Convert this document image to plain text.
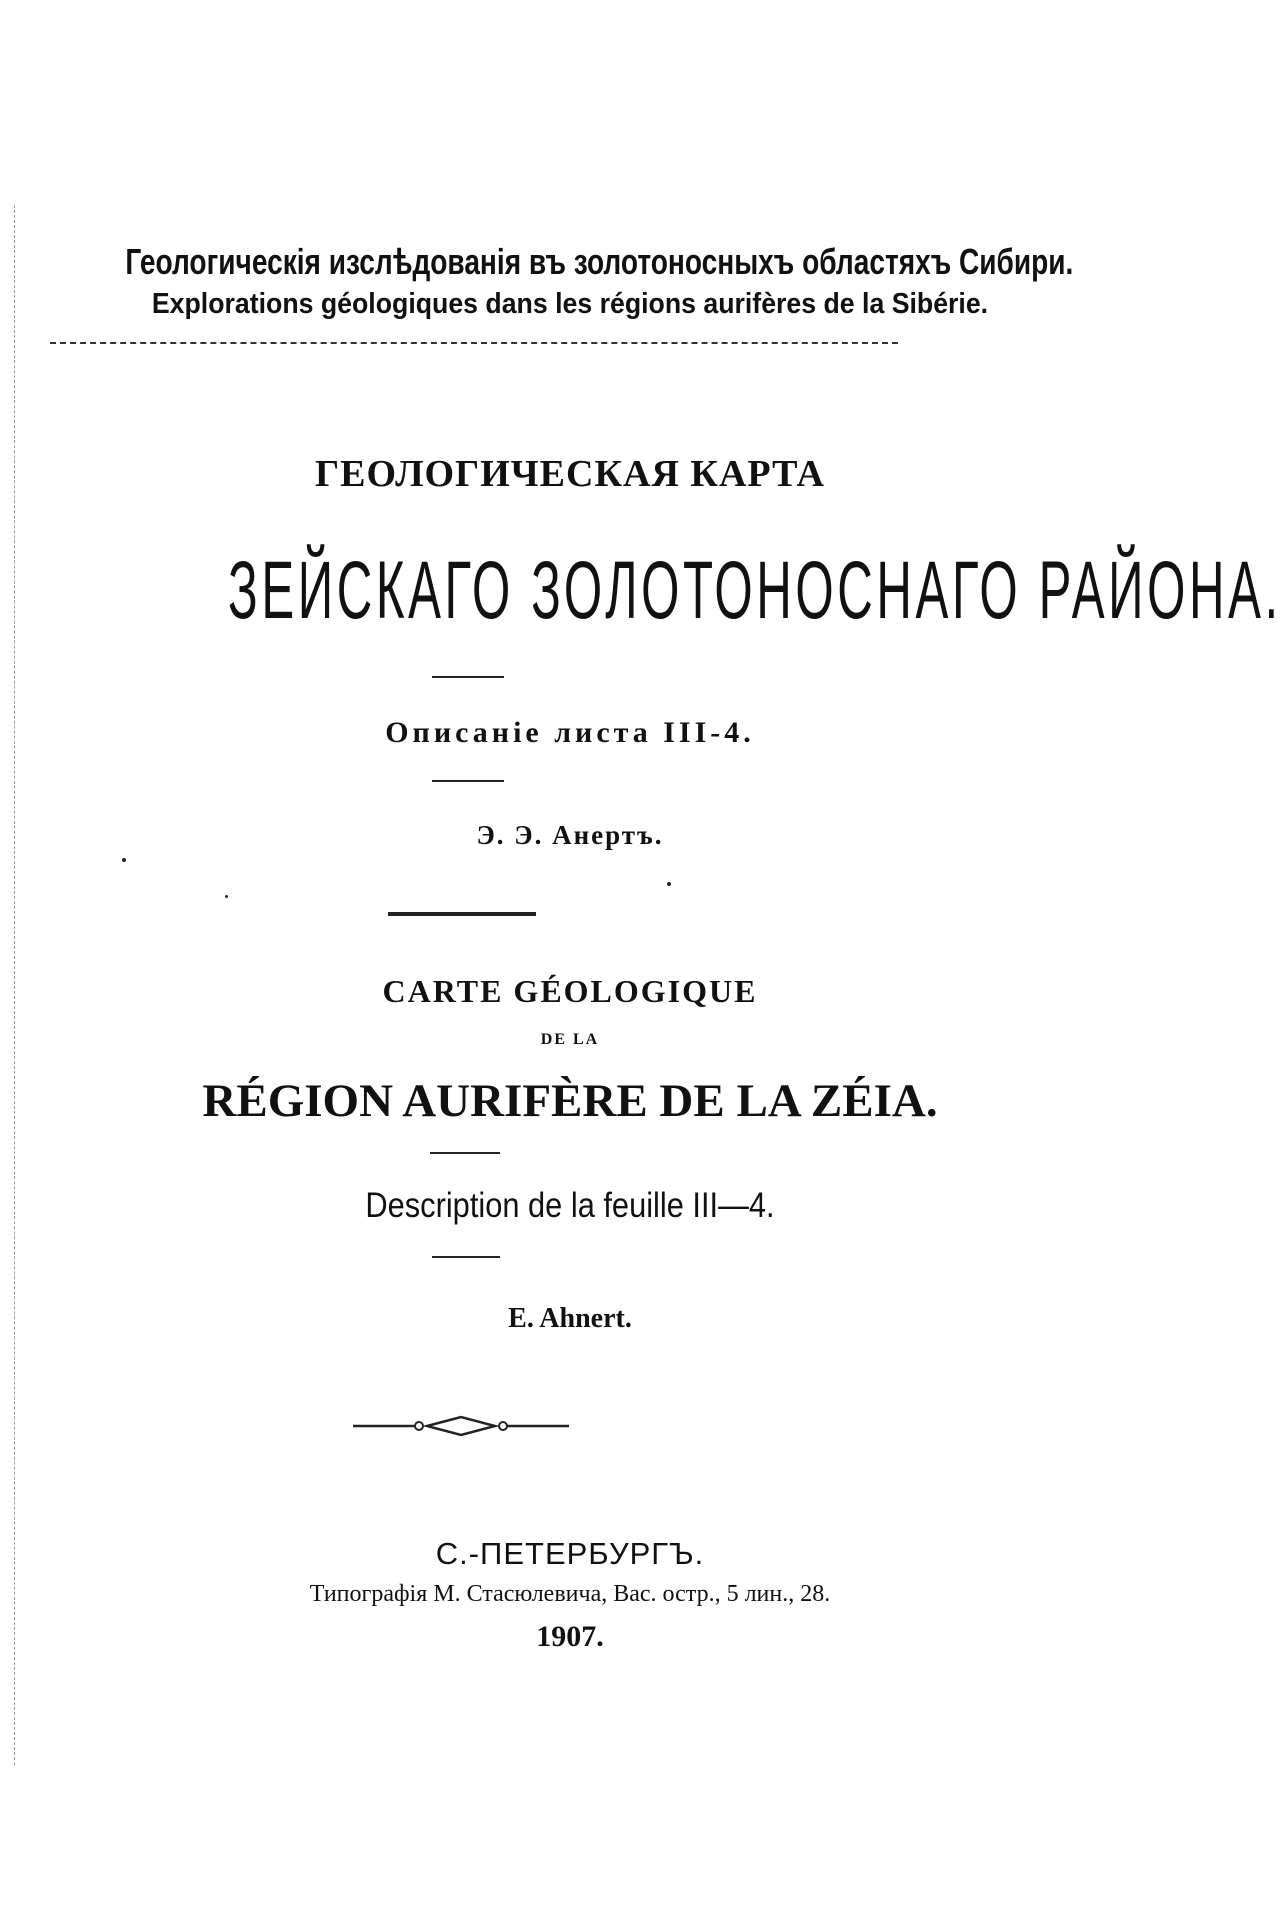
Геологическія изслѣдованія въ золотоносныхъ областяхъ Сибири.
Explorations géologiques dans les régions aurifères de la Sibérie.
ГЕОЛОГИЧЕСКАЯ КАРТА
ЗЕЙСКАГО ЗОЛОТОНОСНАГО РАЙОНА.
Описаніе листа III-4.
Э. Э. Анертъ.
CARTE GÉOLOGIQUE
DE LA
RÉGION AURIFÈRE DE LA ZÉIA.
Description de la feuille III—4.
E. Ahnert.
С.-ПЕТЕРБУРГЪ.
Типографія М. Стасюлевича, Вас. остр., 5 лин., 28.
1907.
